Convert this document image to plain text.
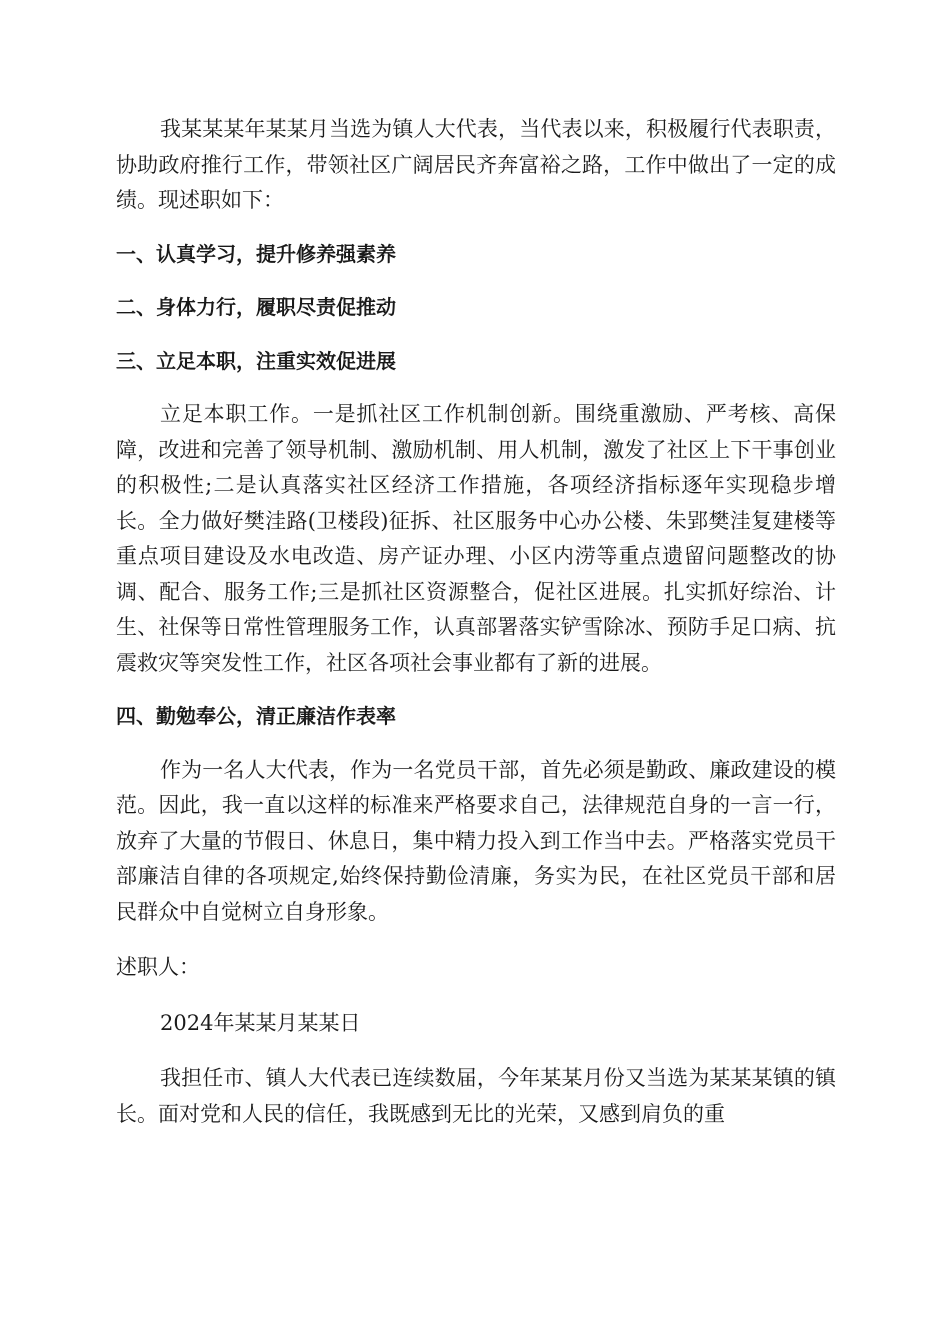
我某某某年某某月当选为镇人大代表，当代表以来，积极履行代表职责，协助政府推行工作，带领社区广阔居民齐奔富裕之路，工作中做出了一定的成绩。现述职如下：

一、认真学习，提升修养强素养

二、身体力行，履职尽责促推动

三、立足本职，注重实效促进展

立足本职工作。一是抓社区工作机制创新。围绕重激励、严考核、高保障，改进和完善了领导机制、激励机制、用人机制，激发了社区上下干事创业的积极性;二是认真落实社区经济工作措施，各项经济指标逐年实现稳步增长。全力做好樊洼路(卫楼段)征拆、社区服务中心办公楼、朱郢樊洼复建楼等重点项目建设及水电改造、房产证办理、小区内涝等重点遗留问题整改的协调、配合、服务工作;三是抓社区资源整合，促社区进展。扎实抓好综治、计生、社保等日常性管理服务工作，认真部署落实铲雪除冰、预防手足口病、抗震救灾等突发性工作，社区各项社会事业都有了新的进展。

四、勤勉奉公，清正廉洁作表率

作为一名人大代表，作为一名党员干部，首先必须是勤政、廉政建设的模范。因此，我一直以这样的标准来严格要求自己，法律规范自身的一言一行，放弃了大量的节假日、休息日，集中精力投入到工作当中去。严格落实党员干部廉洁自律的各项规定,始终保持勤俭清廉，务实为民，在社区党员干部和居民群众中自觉树立自身形象。

述职人：

2024年某某月某某日

我担任市、镇人大代表已连续数届，今年某某月份又当选为某某某镇的镇长。面对党和人民的信任，我既感到无比的光荣，又感到肩负的重
